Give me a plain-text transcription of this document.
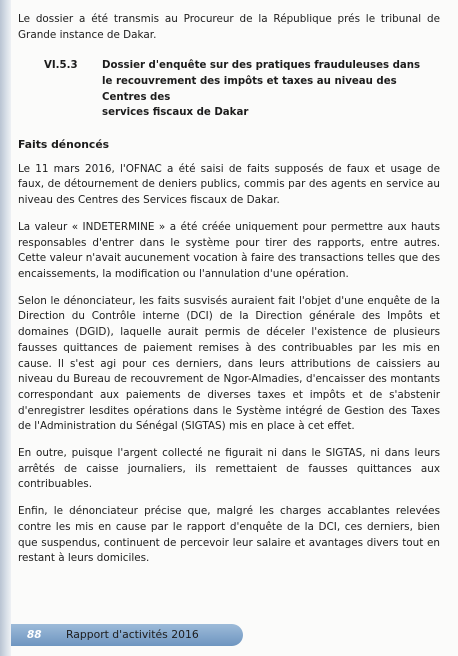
Le dossier a été transmis au Procureur de la République prés le tribunal de Grande instance de Dakar.

VI.5.3	Dossier d'enquête sur des pratiques frauduleuses dans
le recouvrement des impôts et taxes au niveau des Centres des
services fiscaux de Dakar
Faits dénoncés

Le 11 mars 2016, l'OFNAC a été saisi de faits supposés de faux et usage de faux, de détournement de deniers publics, commis par des agents en service au niveau des Centres des Services fiscaux de Dakar.

La valeur « INDETERMINE » a été créée uniquement pour permettre aux hauts responsables d'entrer dans le système pour tirer des rapports, entre autres. Cette valeur n'avait aucunement vocation à faire des transactions telles que des encaissements, la modification ou l'annulation d'une opération.

Selon le dénonciateur, les faits susvisés auraient fait l'objet d'une enquête de la Direction du Contrôle interne (DCI) de la Direction générale des Impôts et domaines (DGID), laquelle aurait permis de déceler l'existence de plusieurs fausses quittances de paiement remises à des contribuables par les mis en cause. Il s'est agi pour ces derniers, dans leurs attributions de caissiers au niveau du Bureau de recouvrement de Ngor-Almadies, d'encaisser des montants correspondant aux paiements de diverses taxes et impôts et de s'abstenir d'enregistrer lesdites opérations dans le Système intégré de Gestion des Taxes de l'Administration du Sénégal (SIGTAS) mis en place à cet effet.

En outre, puisque l'argent collecté ne figurait ni dans le SIGTAS, ni dans leurs arrêtés de caisse journaliers, ils remettaient de fausses quittances aux contribuables.

Enfin, le dénonciateur précise que, malgré les charges accablantes relevées contre les mis en cause par le rapport d'enquête de la DCI, ces derniers, bien que suspendus, continuent de percevoir leur salaire et avantages divers tout en restant à leurs domiciles.

88 Rapport d'activités 2016
